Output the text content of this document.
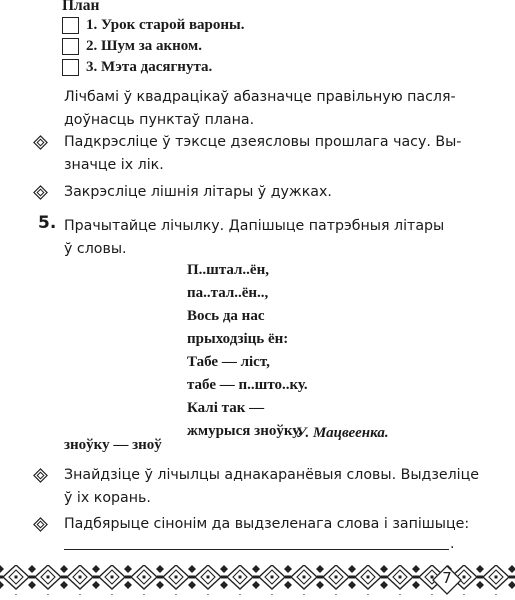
План
1. Урок старой вароны.
2. Шум за акном.
3. Мэта дасягнута.
Лічбамі ў квадрацікаў абазначце правільную пасля-
доўнасць пунктаў плана.
Падкрэсліце ў тэксце дзеясловы прошлага часу. Вы-
значце іх лік.
Закрэсліце лішнія літары ў дужках.
5. Прачытайце лічылку. Дапішыце патрэбныя літары
ў словы.
П..штал..ён,
па..тал..ён..,
Вось да нас
прыходзіць ён:
Табе — ліст,
табе — п..што..ку.
Калі так —
жмурыся зноўку.
У. Мацвеенка.
зноўку — зноў
Знайдзіце ў лічылцы аднакаранёвыя словы. Выдзеліце
ў іх корань.
Падбярыце сінонім да выдзеленага слова і запішыце:
.
7
